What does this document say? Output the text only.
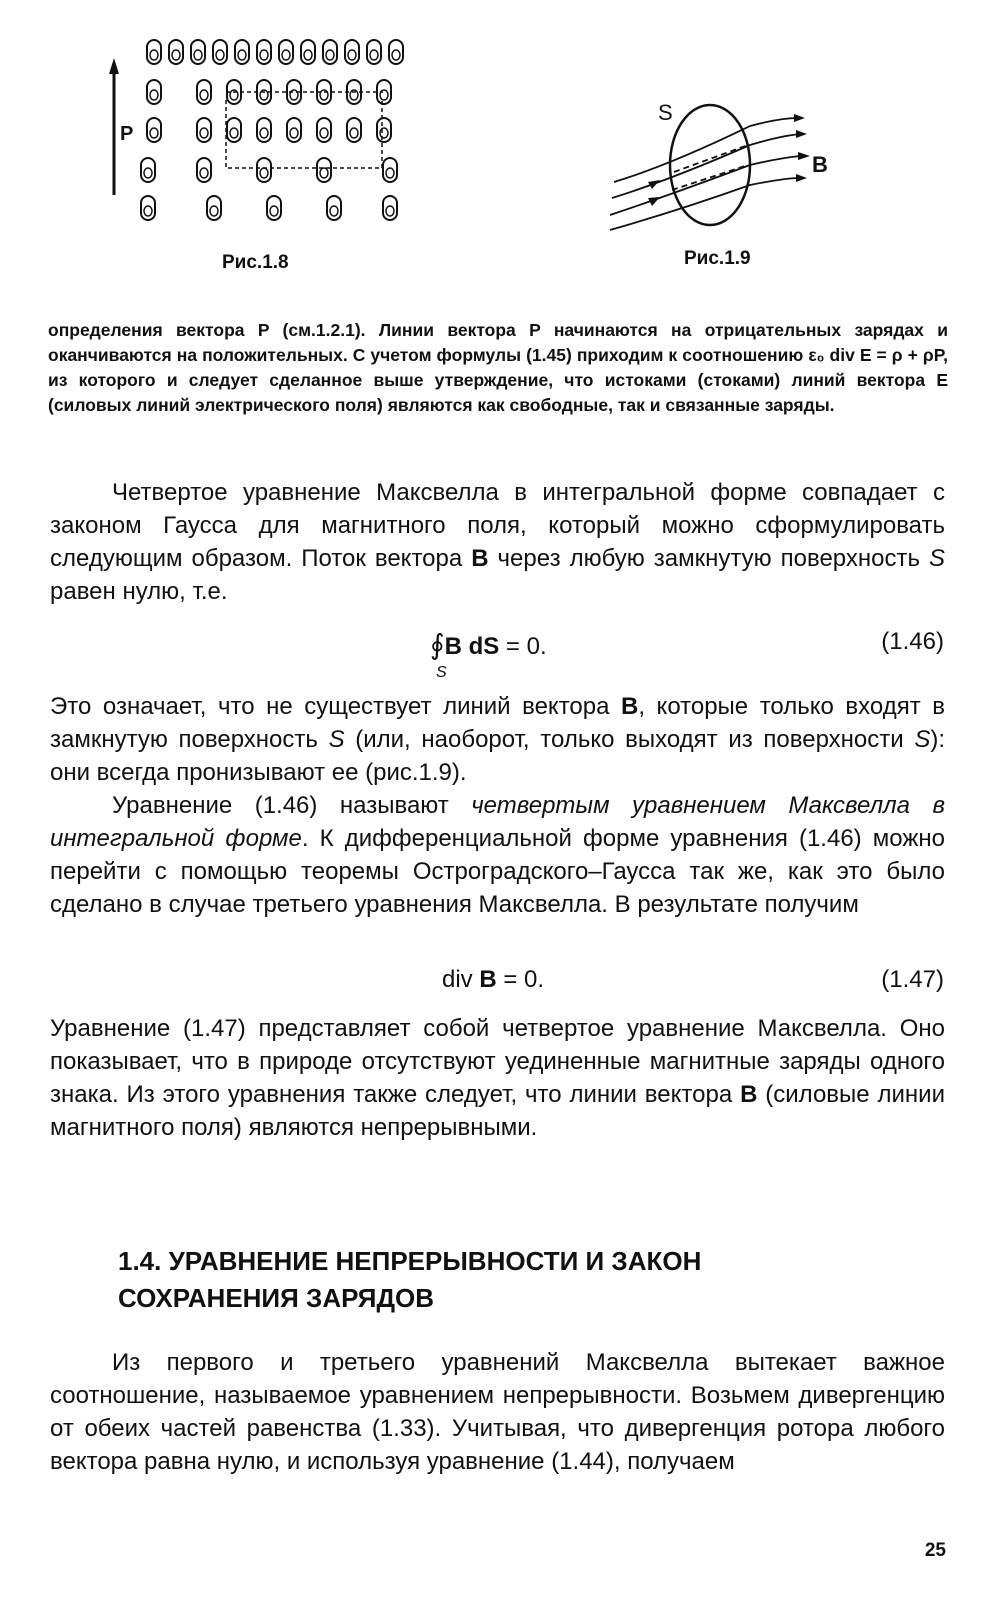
P
Рис.1.8
S
B
Рис.1.9
определения вектора P (см.1.2.1). Линии вектора P начинаются на отрицательных зарядах и оканчиваются на положительных. С учетом формулы (1.45) приходим к соотношению ε₀ div E = ρ + ρP, из которого и следует сделанное выше утверждение, что истоками (стоками) линий вектора E (силовых линий электрического поля) являются как свободные, так и связанные заряды.
Четвертое уравнение Максвелла в интегральной форме совпадает с законом Гаусса для магнитного поля, который можно сформулировать следующим образом. Поток вектора B через любую замкнутую поверхность S равен нулю, т.е.
∮B dS = 0.
S
(1.46)
Это означает, что не существует линий вектора B, которые только входят в замкнутую поверхность S (или, наоборот, только выходят из поверхности S): они всегда пронизывают ее (рис.1.9).
Уравнение (1.46) называют четвертым уравнением Максвелла в интегральной форме. К дифференциальной форме уравнения (1.46) можно перейти с помощью теоремы Остроградского–Гаусса так же, как это было сделано в случае третьего уравнения Максвелла. В результате получим
div B = 0.	(1.47)
Уравнение (1.47) представляет собой четвертое уравнение Максвелла. Оно показывает, что в природе отсутствуют уединенные магнитные заряды одного знака. Из этого уравнения также следует, что линии вектора B (силовые линии магнитного поля) являются непрерывными.
1.4. УРАВНЕНИЕ НЕПРЕРЫВНОСТИ И ЗАКОН СОХРАНЕНИЯ ЗАРЯДОВ
Из первого и третьего уравнений Максвелла вытекает важное соотношение, называемое уравнением непрерывности. Возьмем дивергенцию от обеих частей равенства (1.33). Учитывая, что дивергенция ротора любого вектора равна нулю, и используя уравнение (1.44), получаем
25
